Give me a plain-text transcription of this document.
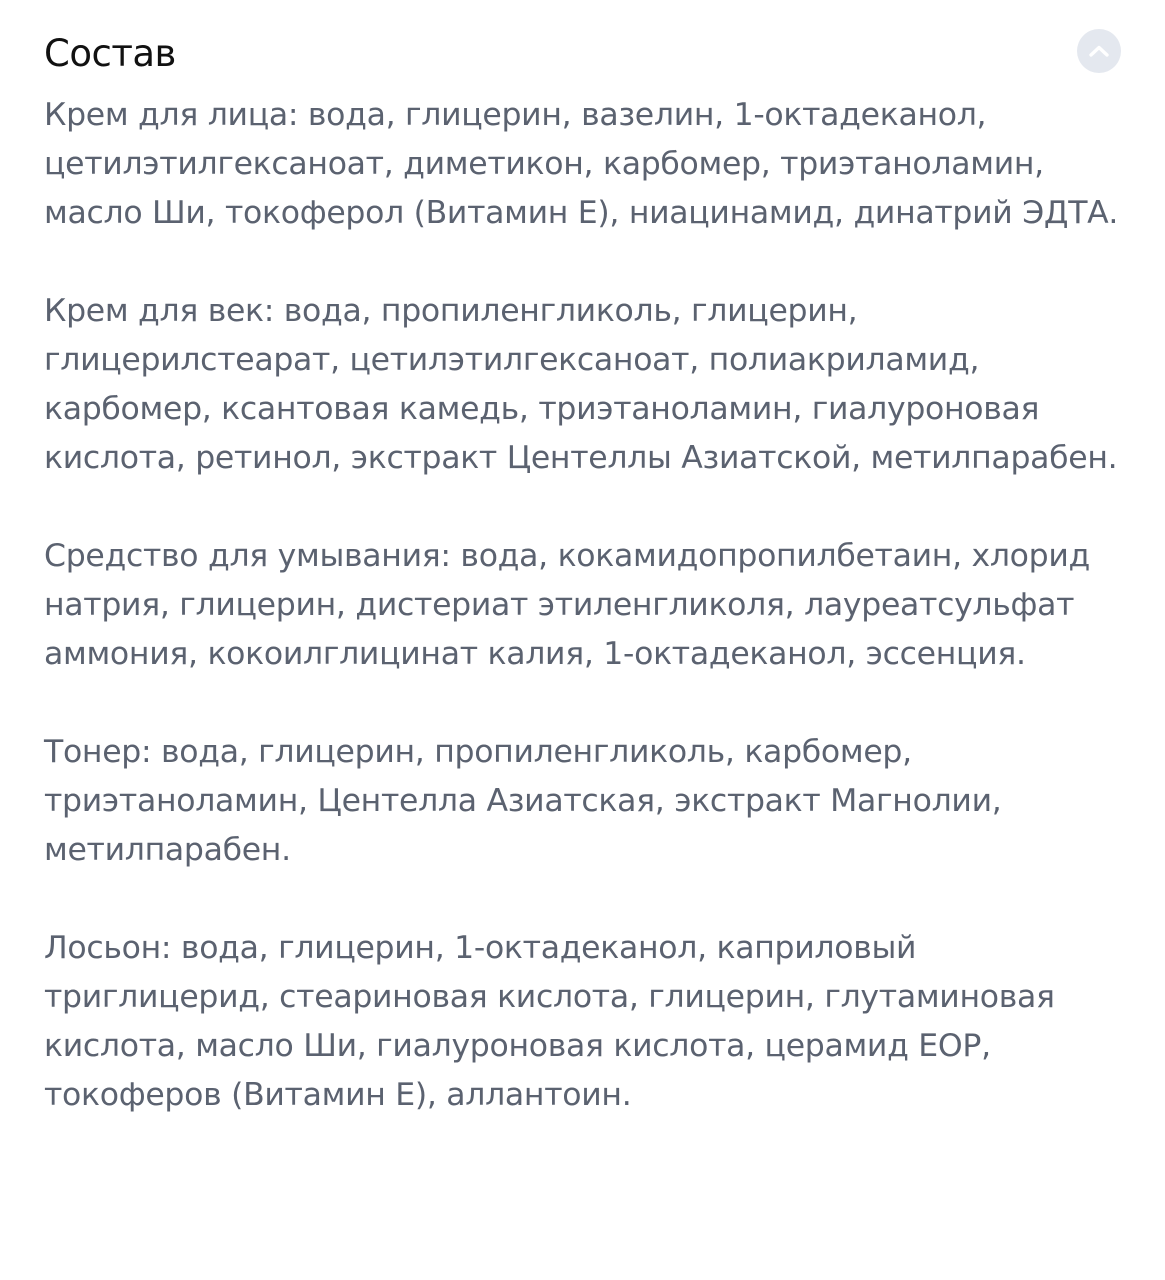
Состав

Крем для лица: вода, глицерин, вазелин, 1-октадеканол, цетилэтилгексаноат, диметикон, карбомер, триэтаноламин, масло Ши, токоферол (Витамин Е), ниацинамид, динатрий ЭДТА.

Крем для век: вода, пропиленгликоль, глицерин, глицерилстеарат, цетилэтилгексаноат, полиакриламид, карбомер, ксантовая камедь, триэтаноламин, гиалуроновая кислота, ретинол, экстракт Центеллы Азиатской, метилпарабен.

Средство для умывания: вода, кокамидопропилбетаин, хлорид натрия, глицерин, дистериат этиленгликоля, лауреатсульфат аммония, кокоилглицинат калия, 1-октадеканол, эссенция.

Тонер: вода, глицерин, пропиленгликоль, карбомер, триэтаноламин, Центелла Азиатская, экстракт Магнолии, метилпарабен.

Лосьон: вода, глицерин, 1-октадеканол, каприловый триглицерид, стеариновая кислота, глицерин, глутаминовая кислота, масло Ши, гиалуроновая кислота, церамид ЕОР, токоферов (Витамин Е), аллантоин.
